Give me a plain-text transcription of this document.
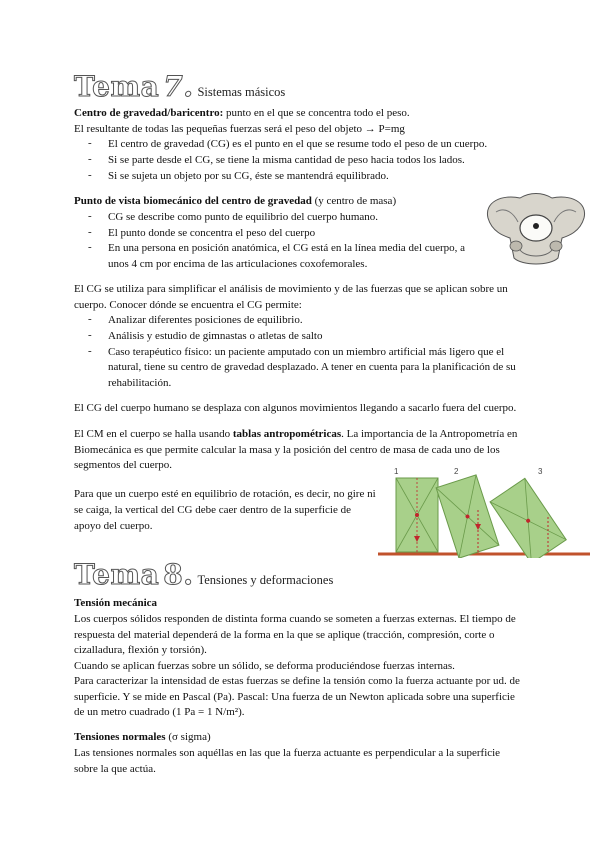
Tema 7. Sistemas másicos
Centro de gravedad/baricentro: punto en el que se concentra todo el peso.
El resultante de todas las pequeñas fuerzas será el peso del objeto → P=mg
- El centro de gravedad (CG) es el punto en el que se resume todo el peso de un cuerpo.
- Si se parte desde el CG, se tiene la misma cantidad de peso hacia todos los lados.
- Si se sujeta un objeto por su CG, éste se mantendrá equilibrado.
Punto de vista biomecánico del centro de gravedad (y centro de masa)
- CG se describe como punto de equilibrio del cuerpo humano.
- El punto donde se concentra el peso del cuerpo
- En una persona en posición anatómica, el CG está en la línea media del cuerpo, a
unos 4 cm por encima de las articulaciones coxofemorales.
El CG se utiliza para simplificar el análisis de movimiento y de las fuerzas que se aplican sobre un
cuerpo. Conocer dónde se encuentra el CG permite:
- Analizar diferentes posiciones de equilibrio.
- Análisis y estudio de gimnastas o atletas de salto
- Caso terapéutico físico: un paciente amputado con un miembro artificial más ligero que el
natural, tiene su centro de gravedad desplazado. A tener en cuenta para la planificación de su
rehabilitación.
El CG del cuerpo humano se desplaza con algunos movimientos llegando a sacarlo fuera del cuerpo.
El CM en el cuerpo se halla usando tablas antropométricas. La importancia de la Antropometría en
Biomecánica es que permite calcular la masa y la posición del centro de masa de cada uno de los
segmentos del cuerpo.
Para que un cuerpo esté en equilibrio de rotación, es decir, no gire ni
se caiga, la vertical del CG debe caer dentro de la superficie de
apoyo del cuerpo.
1	2	3
Tema 8. Tensiones y deformaciones
Tensión mecánica
Los cuerpos sólidos responden de distinta forma cuando se someten a fuerzas externas. El tiempo de
respuesta del material dependerá de la forma en la que se aplique (tracción, compresión, corte o
cizalladura, flexión y torsión).
Cuando se aplican fuerzas sobre un sólido, se deforma produciéndose fuerzas internas.
Para caracterizar la intensidad de estas fuerzas se define la tensión como la fuerza actuante por ud. de
superficie. Y se mide en Pascal (Pa). Pascal: Una fuerza de un Newton aplicada sobre una superficie
de un metro cuadrado (1 Pa = 1 N/m²).
Tensiones normales (σ sigma)
Las tensiones normales son aquéllas en las que la fuerza actuante es perpendicular a la superficie
sobre la que actúa.
